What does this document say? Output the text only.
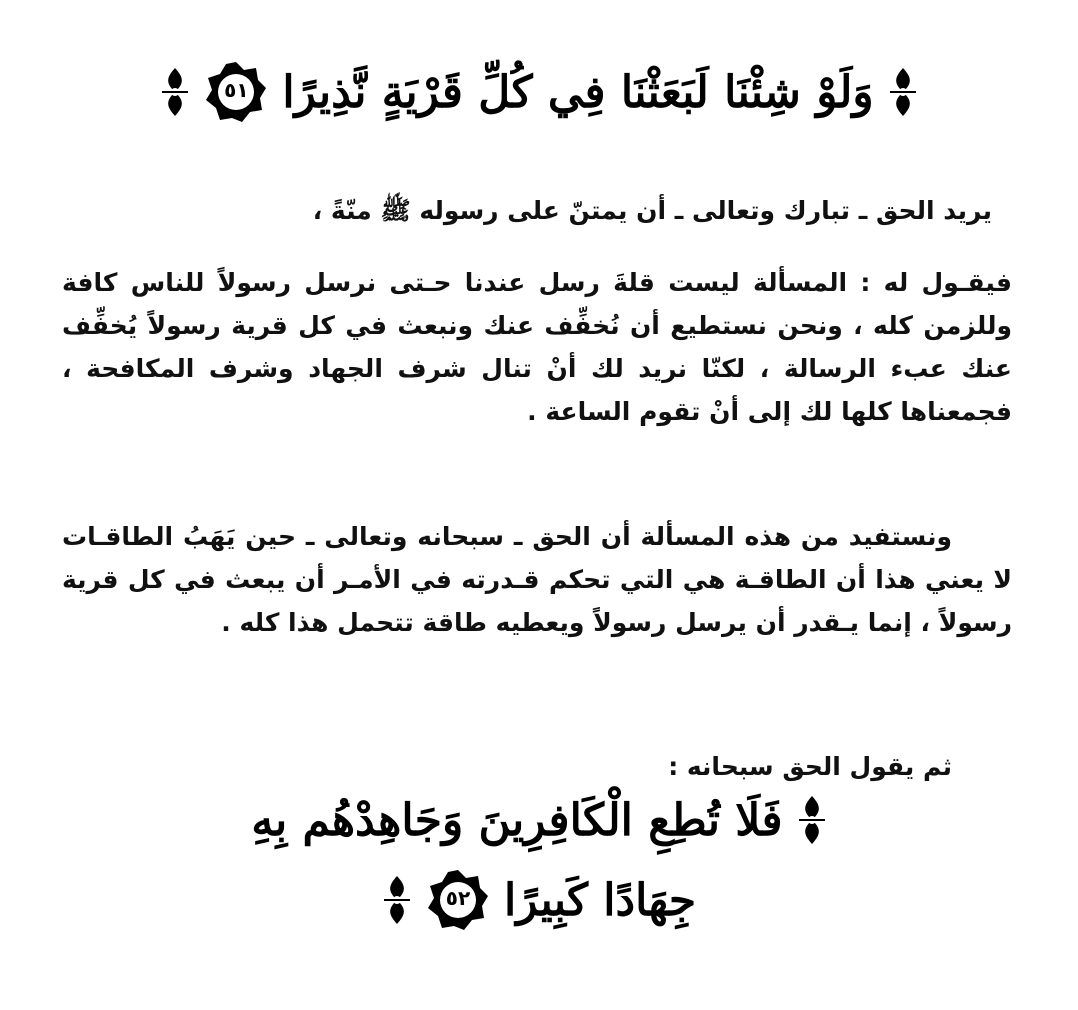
وَلَوْ شِئْنَا لَبَعَثْنَا فِي كُلِّ قَرْيَةٍ نَّذِيرًا
٥١

يريد الحق ـ تبارك وتعالى ـ أن يمتنّ على رسوله ﷺ منّةً ،

فيقـول له : المسألة ليست قلةَ رسل عندنا حـتى نرسل رسولاً للناس كافة وللزمن كله ، ونحن نستطيع أن نُخفِّف عنك ونبعث في كل قرية رسولاً يُخفِّف عنك عبء الرسالة ، لكنّا نريد لك أنْ تنال شرف الجهاد وشرف المكافحة ، فجمعناها كلها لك إلى أنْ تقوم الساعة .

ونستفيد من هذه المسألة أن الحق ـ سبحانه وتعالى ـ حين يَهَبُ الطاقـات لا يعني هذا أن الطاقـة هي التي تحكم قـدرته في الأمـر أن يبعث في كل قرية رسولاً ، إنما يـقدر أن يرسل رسولاً ويعطيه طاقة تتحمل هذا كله .

ثم يقول الحق سبحانه :

فَلَا تُطِعِ الْكَافِرِينَ وَجَاهِدْهُم بِهِ
جِهَادًا كَبِيرًا
٥٢
